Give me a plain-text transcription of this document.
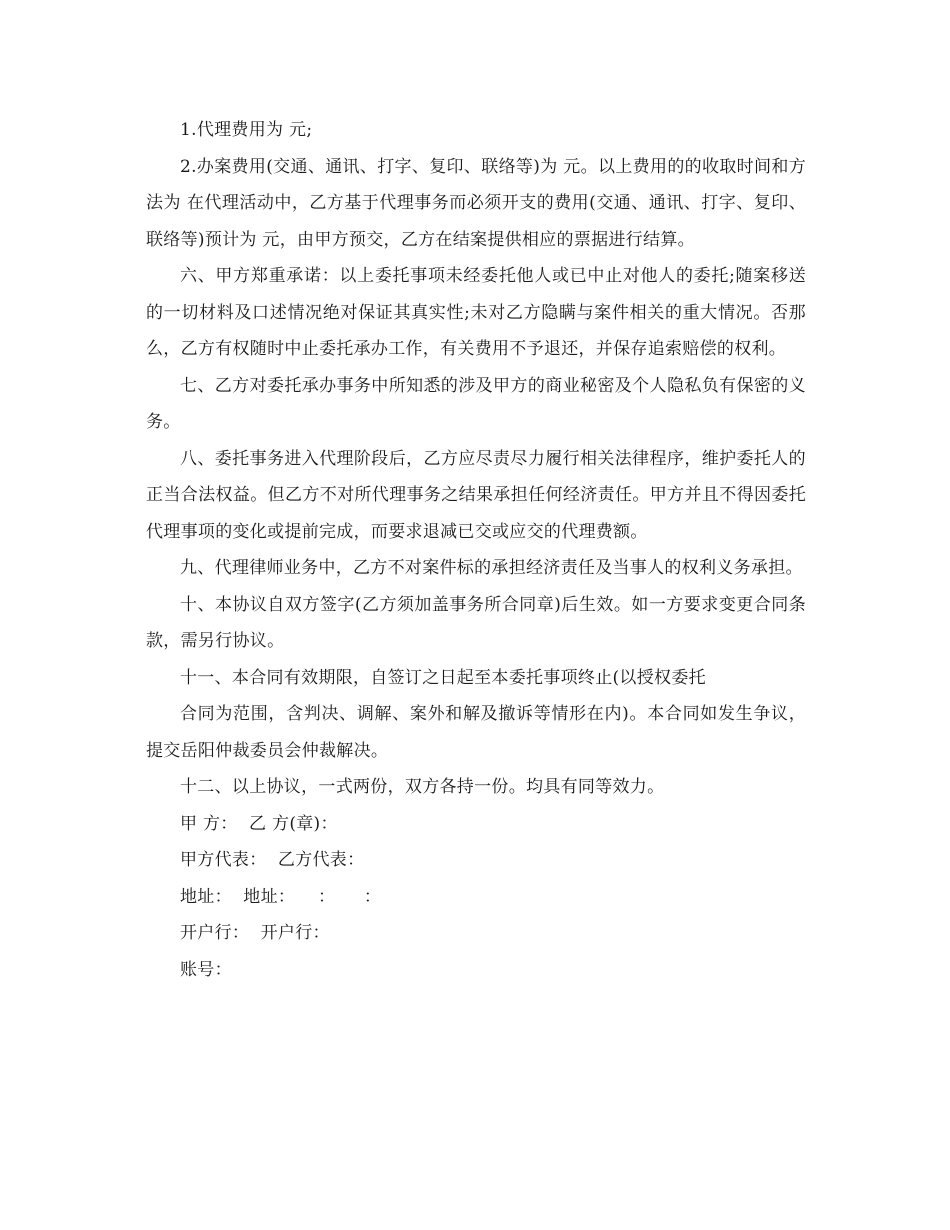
1.代理费用为 元;

2.办案费用(交通、通讯、打字、复印、联络等)为 元。以上费用的的收取时间和方法为 在代理活动中，乙方基于代理事务而必须开支的费用(交通、通讯、打字、复印、联络等)预计为 元，由甲方预交，乙方在结案提供相应的票据进行结算。

六、甲方郑重承诺：以上委托事项未经委托他人或已中止对他人的委托;随案移送的一切材料及口述情况绝对保证其真实性;未对乙方隐瞒与案件相关的重大情况。否那么，乙方有权随时中止委托承办工作，有关费用不予退还，并保存追索赔偿的权利。

七、乙方对委托承办事务中所知悉的涉及甲方的商业秘密及个人隐私负有保密的义务。

八、委托事务进入代理阶段后，乙方应尽责尽力履行相关法律程序，维护委托人的正当合法权益。但乙方不对所代理事务之结果承担任何经济责任。甲方并且不得因委托代理事项的变化或提前完成，而要求退减已交或应交的代理费额。

九、代理律师业务中，乙方不对案件标的承担经济责任及当事人的权利义务承担。

十、本协议自双方签字(乙方须加盖事务所合同章)后生效。如一方要求变更合同条款，需另行协议。

十一、本合同有效期限，自签订之日起至本委托事项终止(以授权委托

合同为范围，含判决、调解、案外和解及撤诉等情形在内)。本合同如发生争议，提交岳阳仲裁委员会仲裁解决。

十二、以上协议，一式两份，双方各持一份。均具有同等效力。

甲 方：  乙 方(章)：

甲方代表：  乙方代表：

地址：  地址：    ：     ：

开户行：  开户行：

账号：
